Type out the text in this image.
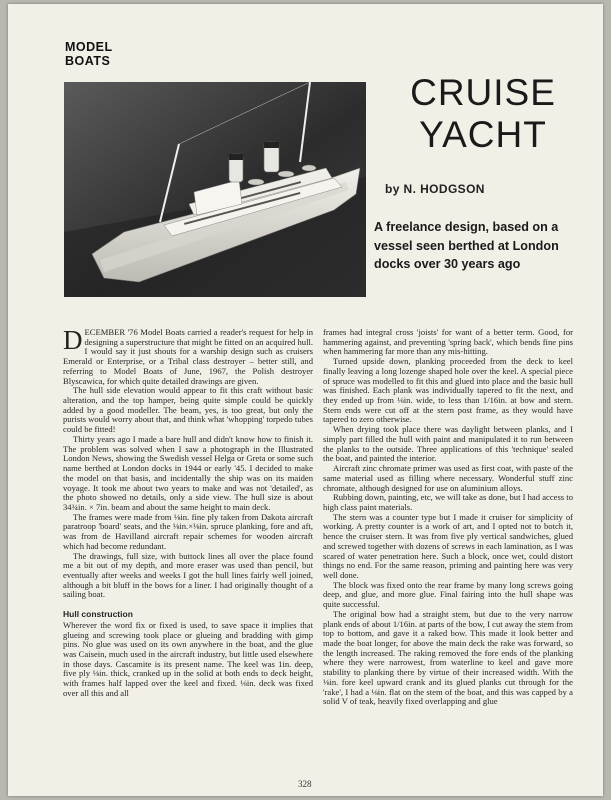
MODEL
BOATS
CRUISE
YACHT
by N. HODGSON
A freelance design, based on a vessel seen berthed at London docks over 30 years ago

DECEMBER '76 Model Boats carried a reader's request for help in designing a superstructure that might be fitted on an acquired hull. I would say it just shouts for a warship design such as cruisers Emerald or Enterprise, or a Tribal class destroyer – better still, and referring to Model Boats of June, 1967, the Polish destroyer Blyscawica, for which quite detailed drawings are given.

The hull side elevation would appear to fit this craft without basic alteration, and the top hamper, being quite simple could be quickly added by a good modeller. The beam, yes, is too great, but only the purists would worry about that, and think what 'whopping' torpedo tubes could be fitted!

Thirty years ago I made a bare hull and didn't know how to finish it. The problem was solved when I saw a photograph in the Illustrated London News, showing the Swedish vessel Helga or Greta or some such name berthed at London docks in 1944 or early '45. I decided to make the model on that basis, and incidentally the ship was on its maiden voyage. It took me about two years to make and was not 'detailed', as the photo showed no details, only a side view. The hull size is about 34¾in. × 7in. beam and about the same height to main deck.

The frames were made from ⅛in. fine ply taken from Dakota aircraft paratroop 'board' seats, and the ⅛in.×⅛in. spruce planking, fore and aft, was from de Havilland aircraft repair schemes for wooden aircraft which had become redundant.

The drawings, full size, with buttock lines all over the place found me a bit out of my depth, and more eraser was used than pencil, but eventually after weeks and weeks I got the hull lines fairly well joined, although a bit bluff in the bows for a liner. I had originally thought of a sailing boat.

Hull construction

Wherever the word fix or fixed is used, to save space it implies that glueing and screwing took place or glueing and bradding with gimp pins. No glue was used on its own anywhere in the boat, and the glue was Caisein, much used in the aircraft industry, but little used elsewhere in those days. Cascamite is its present name. The keel was 1in. deep, five ply ⅛in. thick, cranked up in the solid at both ends to deck height, with frames half lapped over the keel and fixed. ⅛in. deck was fixed over all this and all

frames had integral cross 'joists' for want of a better term. Good, for hammering against, and preventing 'spring back', which bends fine pins when hammering far more than any mis-hitting.

Turned upside down, planking proceeded from the deck to keel finally leaving a long lozenge shaped hole over the keel. A special piece of spruce was modelled to fit this and glued into place and the basic hull was finished. Each plank was individually tapered to fit the next, and they ended up from ⅛in. wide, to less than 1/16in. at bow and stern. Stern ends were cut off at the stern post frame, as they would have tapered to zero otherwise.

When drying took place there was daylight between planks, and I simply part filled the hull with paint and manipulated it to run between the planks to the outside. Three applications of this 'technique' sealed the boat, and painted the interior.

Aircraft zinc chromate primer was used as first coat, with paste of the same material used as filling where necessary. Wonderful stuff zinc chromate, although designed for use on aluminium alloys.

Rubbing down, painting, etc, we will take as done, but I had access to high class paint materials.

The stern was a counter type but I made it cruiser for simplicity of working. A pretty counter is a work of art, and I opted not to botch it, hence the cruiser stern. It was from five ply vertical sandwiches, glued and screwed together with dozens of screws in each lamination, as I was scared of water penetration here. Such a block, once wet, could distort things no end. For the same reason, priming and painting here was very well done.

The block was fixed onto the rear frame by many long screws going deep, and glue, and more glue. Final fairing into the hull shape was quite successful.

The original bow had a straight stem, but due to the very narrow plank ends of about 1/16in. at parts of the bow, I cut away the stem from top to bottom, and gave it a raked bow. This made it look better and made the boat longer, for above the main deck the rake was forward, so the length increased. The raking removed the fore ends of the planking where they were narrowest, from waterline to keel and gave more stability to planking there by virtue of their increased width. With the ⅛in. fore keel upward crank and its glued planks cut through for the 'rake', I had a ⅛in. flat on the stem of the boat, and this was capped by a solid V of teak, heavily fixed overlapping and glue

328
